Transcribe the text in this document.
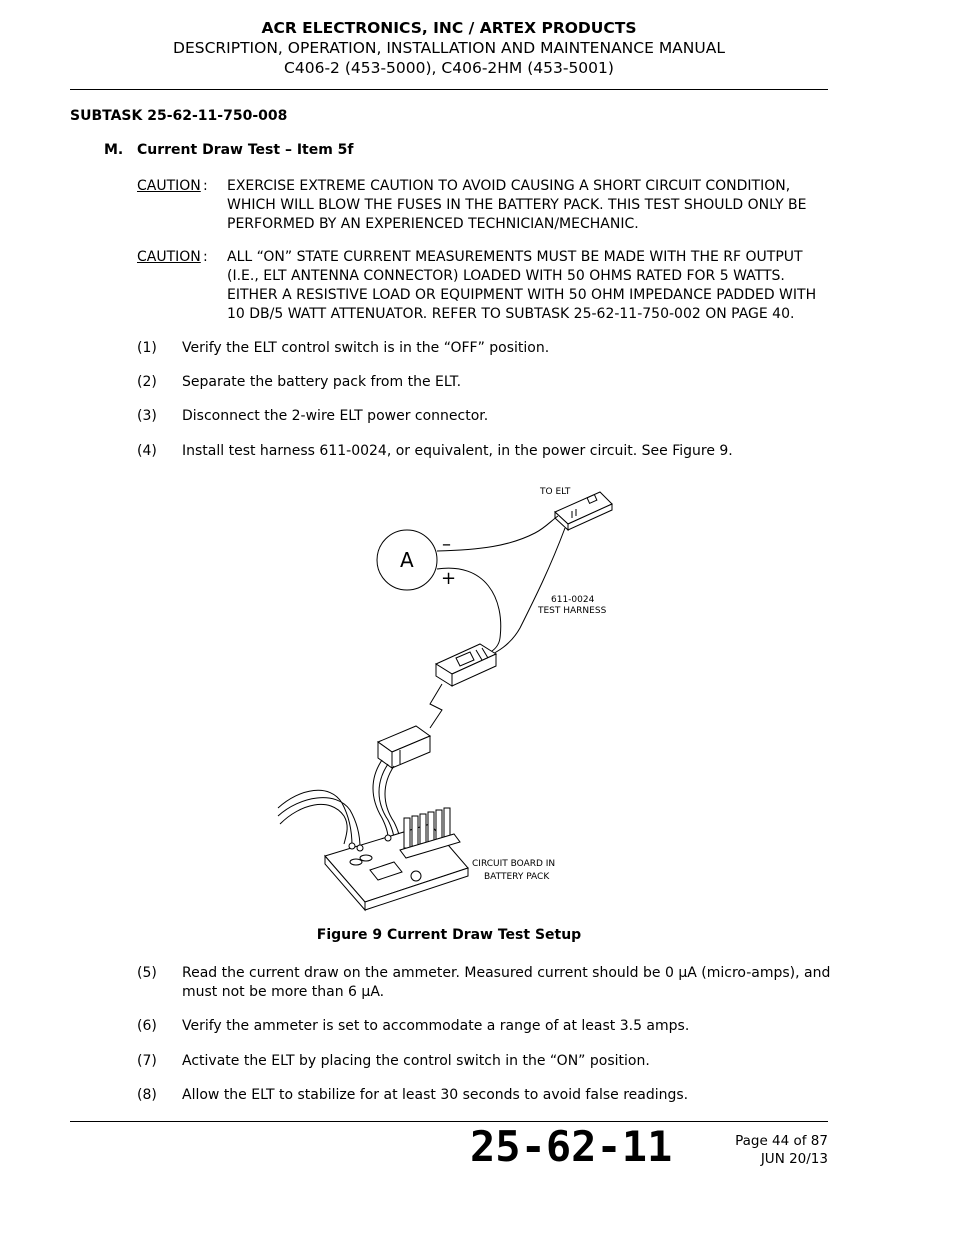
ACR ELECTRONICS, INC / ARTEX PRODUCTS
DESCRIPTION, OPERATION, INSTALLATION AND MAINTENANCE MANUAL
C406-2 (453-5000), C406-2HM (453-5001)
SUBTASK 25-62-11-750-008
M. Current Draw Test – Item 5f
CAUTION : EXERCISE EXTREME CAUTION TO AVOID CAUSING A SHORT CIRCUIT CONDITION, WHICH WILL BLOW THE FUSES IN THE BATTERY PACK. THIS TEST SHOULD ONLY BE PERFORMED BY AN EXPERIENCED TECHNICIAN/MECHANIC.
CAUTION : ALL “ON” STATE CURRENT MEASUREMENTS MUST BE MADE WITH THE RF OUTPUT (I.E., ELT ANTENNA CONNECTOR) LOADED WITH 50 OHMS RATED FOR 5 WATTS. EITHER A RESISTIVE LOAD OR EQUIPMENT WITH 50 OHM IMPEDANCE PADDED WITH 10 DB/5 WATT ATTENUATOR. REFER TO SUBTASK 25-62-11-750-002 ON PAGE 40.
(1) Verify the ELT control switch is in the “OFF” position.
(2) Separate the battery pack from the ELT.
(3) Disconnect the 2-wire ELT power connector.
(4) Install test harness 611-0024, or equivalent, in the power circuit. See Figure 9.
TO ELT
A
–
+
611-0024
TEST HARNESS
CIRCUIT BOARD IN
BATTERY PACK
Figure 9 Current Draw Test Setup
(5) Read the current draw on the ammeter. Measured current should be 0 µA (micro-amps), and must not be more than 6 µA.
(6) Verify the ammeter is set to accommodate a range of at least 3.5 amps.
(7) Activate the ELT by placing the control switch in the “ON” position.
(8) Allow the ELT to stabilize for at least 30 seconds to avoid false readings.
25-62-11	Page 44 of 87
JUN 20/13
